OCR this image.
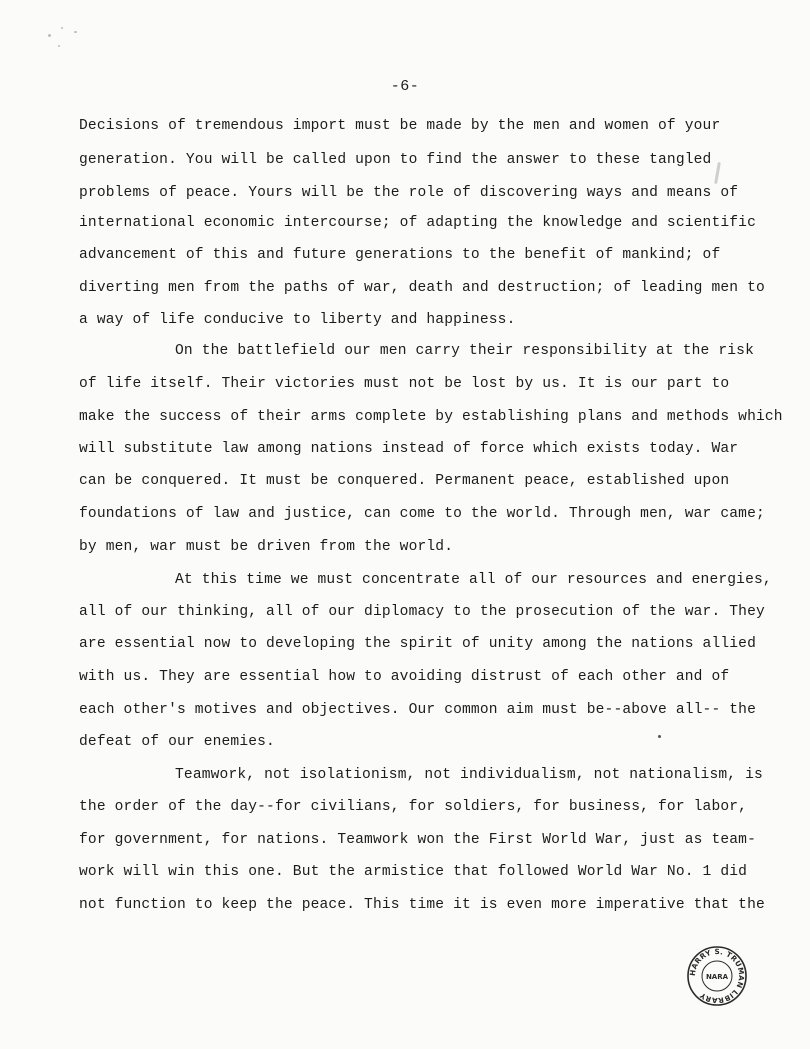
-6-
Decisions of tremendous import must be made by the men and women of your
generation. You will be called upon to find the answer to these tangled
problems of peace. Yours will be the role of discovering ways and means of
international economic intercourse; of adapting the knowledge and scientific
advancement of this and future generations to the benefit of mankind; of
diverting men from the paths of war, death and destruction; of leading men to
a way of life conducive to liberty and happiness.
On the battlefield our men carry their responsibility at the risk
of life itself. Their victories must not be lost by us. It is our part to
make the success of their arms complete by establishing plans and methods which
will substitute law among nations instead of force which exists today. War
can be conquered. It must be conquered. Permanent peace, established upon
foundations of law and justice, can come to the world. Through men, war came;
by men, war must be driven from the world.
At this time we must concentrate all of our resources and energies,
all of our thinking, all of our diplomacy to the prosecution of the war. They
are essential now to developing the spirit of unity among the nations allied
with us. They are essential how to avoiding distrust of each other and of
each other's motives and objectives. Our common aim must be--above all-- the
defeat of our enemies.
Teamwork, not isolationism, not individualism, not nationalism, is
the order of the day--for civilians, for soldiers, for business, for labor,
for government, for nations. Teamwork won the First World War, just as team-
work will win this one. But the armistice that followed World War No. 1 did
not function to keep the peace. This time it is even more imperative that the
HARRY S. TRUMAN LIBRARY
NARA
